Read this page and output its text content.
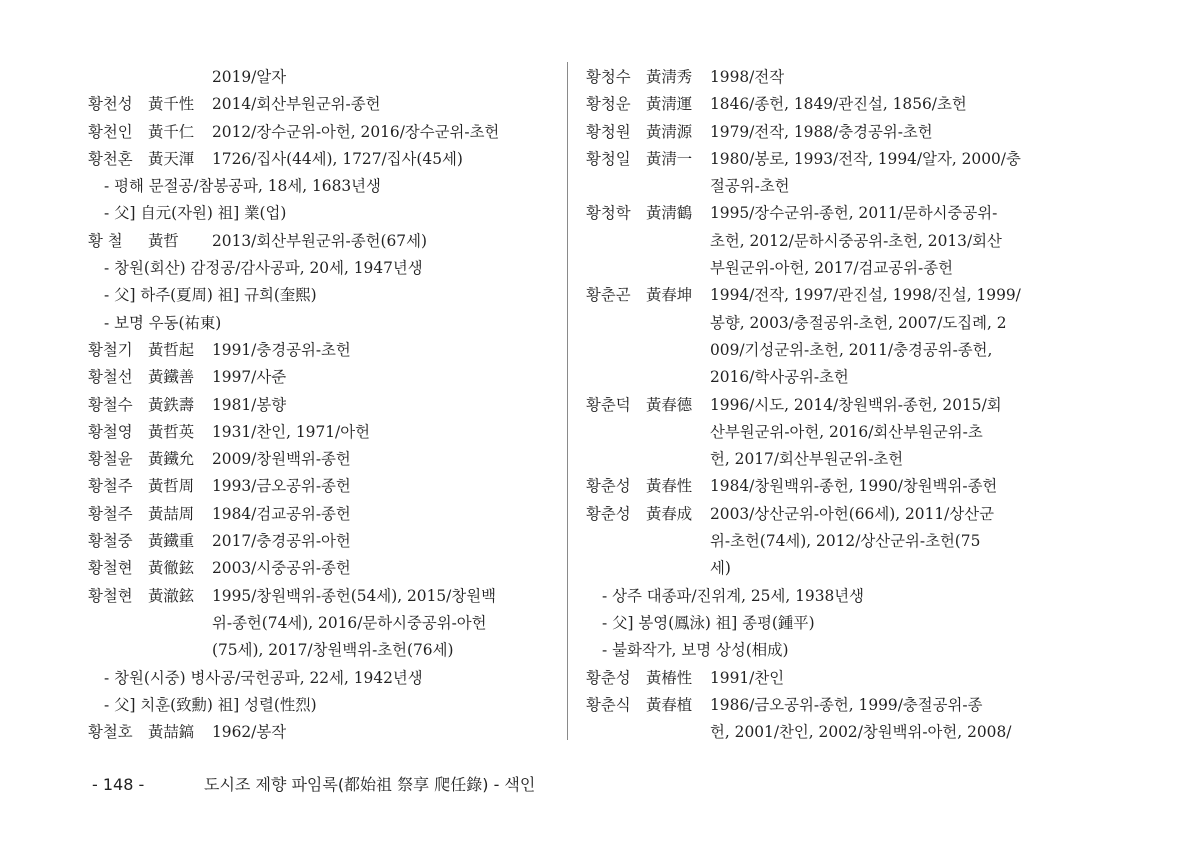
2019/알자
황천성 黃千性 2014/회산부원군위-종헌
황천인 黃千仁 2012/장수군위-아헌, 2016/장수군위-초헌
황천혼 黃天渾 1726/집사(44세), 1727/집사(45세)
- 평해 문절공/참봉공파, 18세, 1683년생
- 父] 自元(자원) 祖] 業(업)
황 철 黃哲 2013/회산부원군위-종헌(67세)
- 창원(회산) 감정공/감사공파, 20세, 1947년생
- 父] 하주(夏周) 祖] 규희(奎熙)
- 보명 우동(祐東)
황철기 黃哲起 1991/충경공위-초헌
황철선 黃鐵善 1997/사준
황철수 黃鉄壽 1981/봉향
황철영 黃哲英 1931/찬인, 1971/아헌
황철윤 黃鐵允 2009/창원백위-종헌
황철주 黃哲周 1993/금오공위-종헌
황철주 黃喆周 1984/검교공위-종헌
황철중 黃鐵重 2017/충경공위-아헌
황철현 黃徹鉉 2003/시중공위-종헌
황철현 黃澈鉉 1995/창원백위-종헌(54세), 2015/창원백
위-종헌(74세), 2016/문하시중공위-아헌
(75세), 2017/창원백위-초헌(76세)
- 창원(시중) 병사공/국헌공파, 22세, 1942년생
- 父] 치훈(致勳) 祖] 성렬(性烈)
황철호 黃喆鎬 1962/봉작
황청수 黃淸秀 1998/전작
황청운 黃淸運 1846/종헌, 1849/관진설, 1856/초헌
황청원 黃淸源 1979/전작, 1988/충경공위-초헌
황청일 黃淸一 1980/봉로, 1993/전작, 1994/알자, 2000/충
절공위-초헌
황청학 黃淸鶴 1995/장수군위-종헌, 2011/문하시중공위-
초헌, 2012/문하시중공위-초헌, 2013/회산
부원군위-아헌, 2017/검교공위-종헌
황춘곤 黃春坤 1994/전작, 1997/관진설, 1998/진설, 1999/
봉향, 2003/충절공위-초헌, 2007/도집례, 2
009/기성군위-초헌, 2011/충경공위-종헌,
2016/학사공위-초헌
황춘덕 黃春德 1996/시도, 2014/창원백위-종헌, 2015/회
산부원군위-아헌, 2016/회산부원군위-초
헌, 2017/회산부원군위-초헌
황춘성 黃春性 1984/창원백위-종헌, 1990/창원백위-종헌
황춘성 黃春成 2003/상산군위-아헌(66세), 2011/상산군
위-초헌(74세), 2012/상산군위-초헌(75
세)
- 상주 대종파/진위계, 25세, 1938년생
- 父] 봉영(鳳泳) 祖] 종평(鍾平)
- 불화작가, 보명 상성(相成)
황춘성 黃椿性 1991/찬인
황춘식 黃春植 1986/금오공위-종헌, 1999/충절공위-종
헌, 2001/찬인, 2002/창원백위-아헌, 2008/
- 148 -	도시조 제향 파임록(都始祖 祭享 爬任錄) - 색인
